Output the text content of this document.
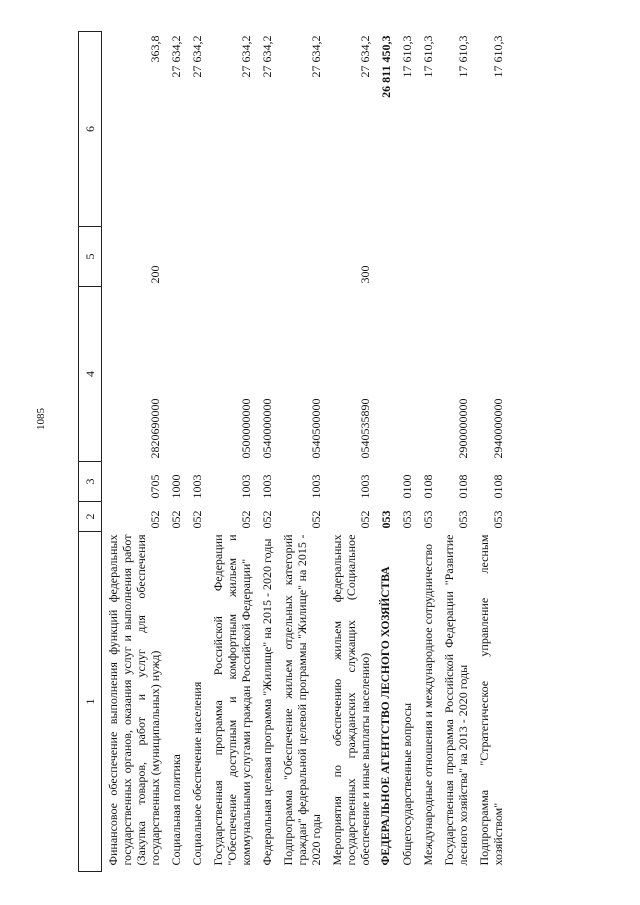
1085
1	2	3	4	5	6
Финансовое обеспечение выполнения функций федеральных государственных органов, оказания услуг и выполнения работ (Закупка товаров, работ и услуг для обеспечения государственных (муниципальных) нужд)	052	0705	2820690000	200	363,8
Социальная политика	052	1000			27 634,2
Социальное обеспечение населения	052	1003			27 634,2
Государственная программа Российской Федерации "Обеспечение доступным и комфортным жильем и коммунальными услугами граждан Российской Федерации"	052	1003	0500000000		27 634,2
Федеральная целевая программа "Жилище" на 2015 - 2020 годы	052	1003	0540000000		27 634,2
Подпрограмма "Обеспечение жильем отдельных категорий граждан" федеральной целевой программы "Жилище" на 2015 - 2020 годы	052	1003	0540500000		27 634,2
Мероприятия по обеспечению жильем федеральных государственных гражданских служащих (Социальное обеспечение и иные выплаты населению)	052	1003	0540535890	300	27 634,2
ФЕДЕРАЛЬНОЕ АГЕНТСТВО ЛЕСНОГО ХОЗЯЙСТВА	053				26 811 450,3
Общегосударственные вопросы	053	0100			17 610,3
Международные отношения и международное сотрудничество	053	0108			17 610,3
Государственная программа Российской Федерации "Развитие лесного хозяйства" на 2013 - 2020 годы	053	0108	2900000000		17 610,3
Подпрограмма "Стратегическое управление лесным хозяйством"	053	0108	2940000000		17 610,3
